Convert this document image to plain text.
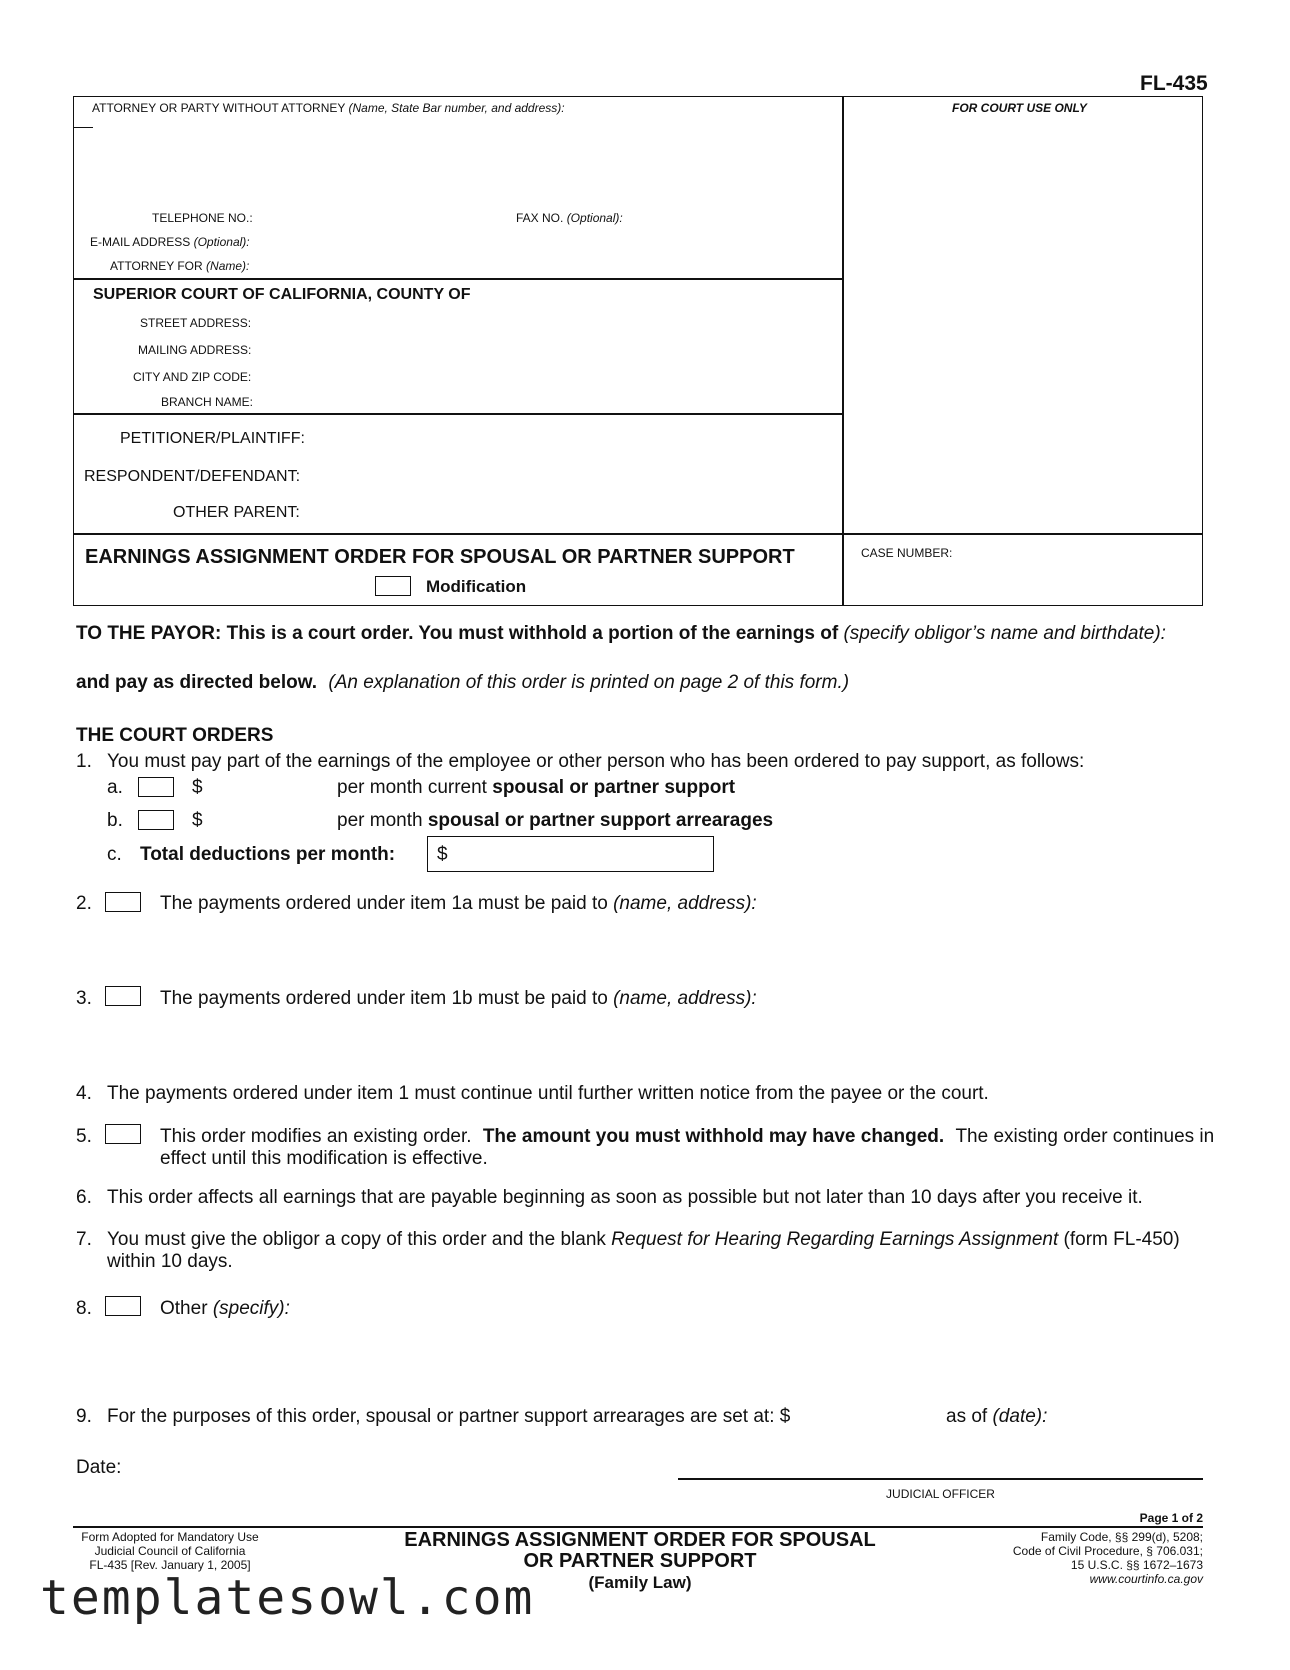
FL-435
ATTORNEY OR PARTY WITHOUT ATTORNEY (Name, State Bar number, and address):	FOR COURT USE ONLY
TELEPHONE NO.:	FAX NO. (Optional):
E-MAIL ADDRESS (Optional):
ATTORNEY FOR (Name):
SUPERIOR COURT OF CALIFORNIA, COUNTY OF
STREET ADDRESS:
MAILING ADDRESS:
CITY AND ZIP CODE:
BRANCH NAME:
PETITIONER/PLAINTIFF:
RESPONDENT/DEFENDANT:
OTHER PARENT:
EARNINGS ASSIGNMENT ORDER FOR SPOUSAL OR PARTNER SUPPORT
Modification
CASE NUMBER:
TO THE PAYOR: This is a court order. You must withhold a portion of the earnings of (specify obligor’s name and birthdate):
and pay as directed below. (An explanation of this order is printed on page 2 of this form.)
THE COURT ORDERS
1. You must pay part of the earnings of the employee or other person who has been ordered to pay support, as follows:
a.	$	per month current spousal or partner support
b.	$	per month spousal or partner support arrearages
c. Total deductions per month: $
2.	The payments ordered under item 1a must be paid to (name, address):
3.	The payments ordered under item 1b must be paid to (name, address):
4. The payments ordered under item 1 must continue until further written notice from the payee or the court.
5.	This order modifies an existing order. The amount you must withhold may have changed. The existing order continues in
effect until this modification is effective.
6. This order affects all earnings that are payable beginning as soon as possible but not later than 10 days after you receive it.
7. You must give the obligor a copy of this order and the blank Request for Hearing Regarding Earnings Assignment (form FL-450)
within 10 days.
8.	Other (specify):
9. For the purposes of this order, spousal or partner support arrearages are set at: $	as of (date):
Date:
JUDICIAL OFFICER
Page 1 of 2
Form Adopted for Mandatory Use
Judicial Council of California
FL-435 [Rev. January 1, 2005]
EARNINGS ASSIGNMENT ORDER FOR SPOUSAL
OR PARTNER SUPPORT
(Family Law)
Family Code, §§ 299(d), 5208;
Code of Civil Procedure, § 706.031;
15 U.S.C. §§ 1672–1673
www.courtinfo.ca.gov
templatesowl.com
